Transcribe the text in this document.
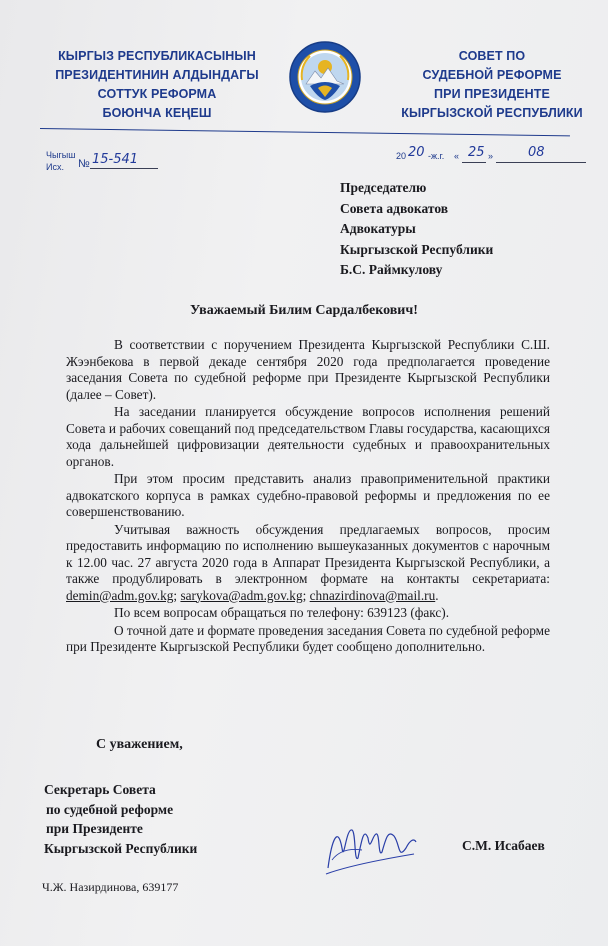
КЫРГЫЗ РЕСПУБЛИКАСЫНЫН
ПРЕЗИДЕНТИНИН АЛДЫНДАГЫ
СОТТУК РЕФОРМА
БОЮНЧА КЕҢЕШ
СОВЕТ ПО
СУДЕБНОЙ РЕФОРМЕ
ПРИ ПРЕЗИДЕНТЕ
КЫРГЫЗСКОЙ РЕСПУБЛИКИ
Чыгыш
Исх. № 15-541	20 20 -ж.г. « 25 »	08
Председателю
Совета адвокатов
Адвокатуры
Кыргызской Республики
Б.С. Раймкулову
Уважаемый Билим Сардалбекович!

В соответствии с поручением Президента Кыргызской Республики С.Ш. Жээнбекова в первой декаде сентября 2020 года предполагается проведение заседания Совета по судебной реформе при Президенте Кыргызской Республики (далее – Совет).

На заседании планируется обсуждение вопросов исполнения решений Совета и рабочих совещаний под председательством Главы государства, касающихся хода дальнейшей цифровизации деятельности судебных и правоохранительных органов.

При этом просим представить анализ правоприменительной практики адвокатского корпуса в рамках судебно-правовой реформы и предложения по ее совершенствованию.

Учитывая важность обсуждения предлагаемых вопросов, просим предоставить информацию по исполнению вышеуказанных документов с нарочным к 12.00 час. 27 августа 2020 года в Аппарат Президента Кыргызской Республики, а также продублировать в электронном формате на контакты секретариата: demin@adm.gov.kg; sarykova@adm.gov.kg; chnazirdinova@mail.ru.

По всем вопросам обращаться по телефону: 639123 (факс).

О точной дате и формате проведения заседания Совета по судебной реформе при Президенте Кыргызской Республики будет сообщено дополнительно.

С уважением,
Секретарь Совета
по судебной реформе
при Президенте
Кыргызской Республики	С.М. Исабаев
Ч.Ж. Назирдинова, 639177
